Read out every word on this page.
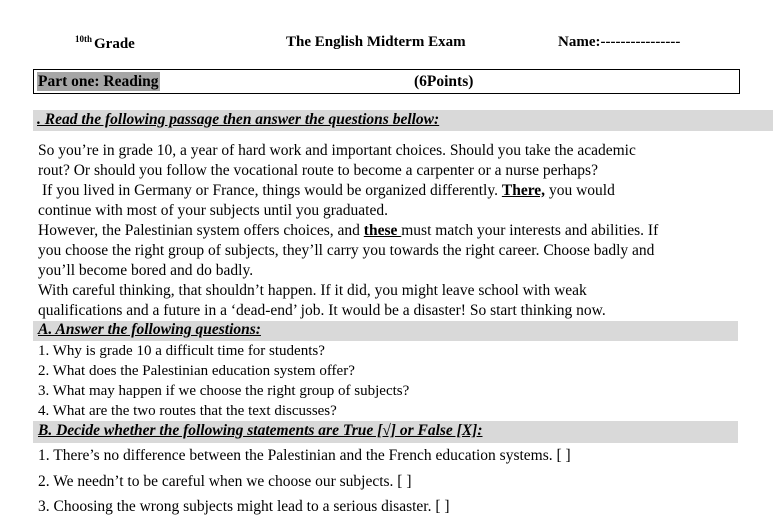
$^{10th}$ Grade	The English Midterm Exam	Name:----------------
Part one: Reading	(6Points)
. Read the following passage then answer the questions bellow:
So you’re in grade 10, a year of hard work and important choices. Should you take the academic
rout? Or should you follow the vocational route to become a carpenter or a nurse perhaps?
If you lived in Germany or France, things would be organized differently. There, you would
continue with most of your subjects until you graduated.
However, the Palestinian system offers choices, and these must match your interests and abilities. If
you choose the right group of subjects, they’ll carry you towards the right career. Choose badly and
you’ll become bored and do badly.
With careful thinking, that shouldn’t happen. If it did, you might leave school with weak
qualifications and a future in a ‘dead-end’ job. It would be a disaster! So start thinking now.
A. Answer the following questions:
1. Why is grade 10 a difficult time for students?
2. What does the Palestinian education system offer?
3. What may happen if we choose the right group of subjects?
4. What are the two routes that the text discusses?
B. Decide whether the following statements are True [√] or False [X]:
1. There’s no difference between the Palestinian and the French education systems. [ ]
2. We needn’t to be careful when we choose our subjects. [ ]
3. Choosing the wrong subjects might lead to a serious disaster. [ ]
